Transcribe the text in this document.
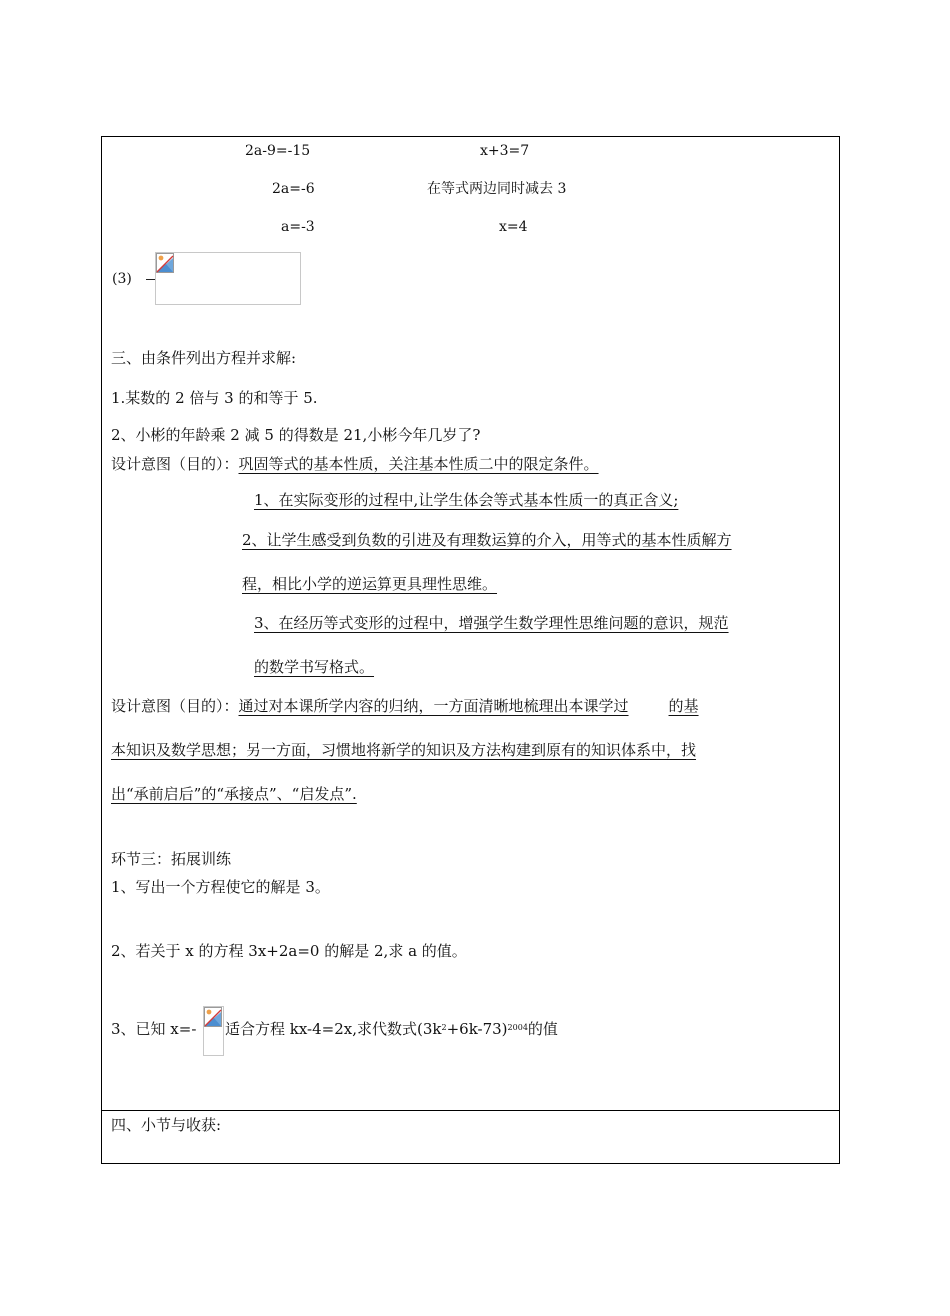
2a-9=-15
2a=-6
a=-3
x+3=7
在等式两边同时减去 3
x=4
(3)
三、由条件列出方程并求解:
1.某数的 2 倍与 3 的和等于 5.
2、小彬的年龄乘 2 减 5 的得数是 21,小彬今年几岁了?
设计意图（目的）：巩固等式的基本性质，关注基本性质二中的限定条件。
1、在实际变形的过程中,让学生体会等式基本性质一的真正含义;
2、让学生感受到负数的引进及有理数运算的介入，用等式的基本性质解方
程，相比小学的逆运算更具理性思维。
3、在经历等式变形的过程中，增强学生数学理性思维问题的意识，规范
的数学书写格式。
设计意图（目的）：通过对本课所学内容的归纳，一方面清晰地梳理出本课学过	的基
本知识及数学思想；另一方面，习惯地将新学的知识及方法构建到原有的知识体系中，找
出“承前启后”的“承接点”、“启发点”.
环节三：拓展训练
1、写出一个方程使它的解是 3。
2、若关于 x 的方程 3x+2a=0 的解是 2,求 a 的值。
3、已知 x=- 适合方程 kx-4=2x,求代数式$(3k^2+6k-73)^{2004}$的值
四、小节与收获:
